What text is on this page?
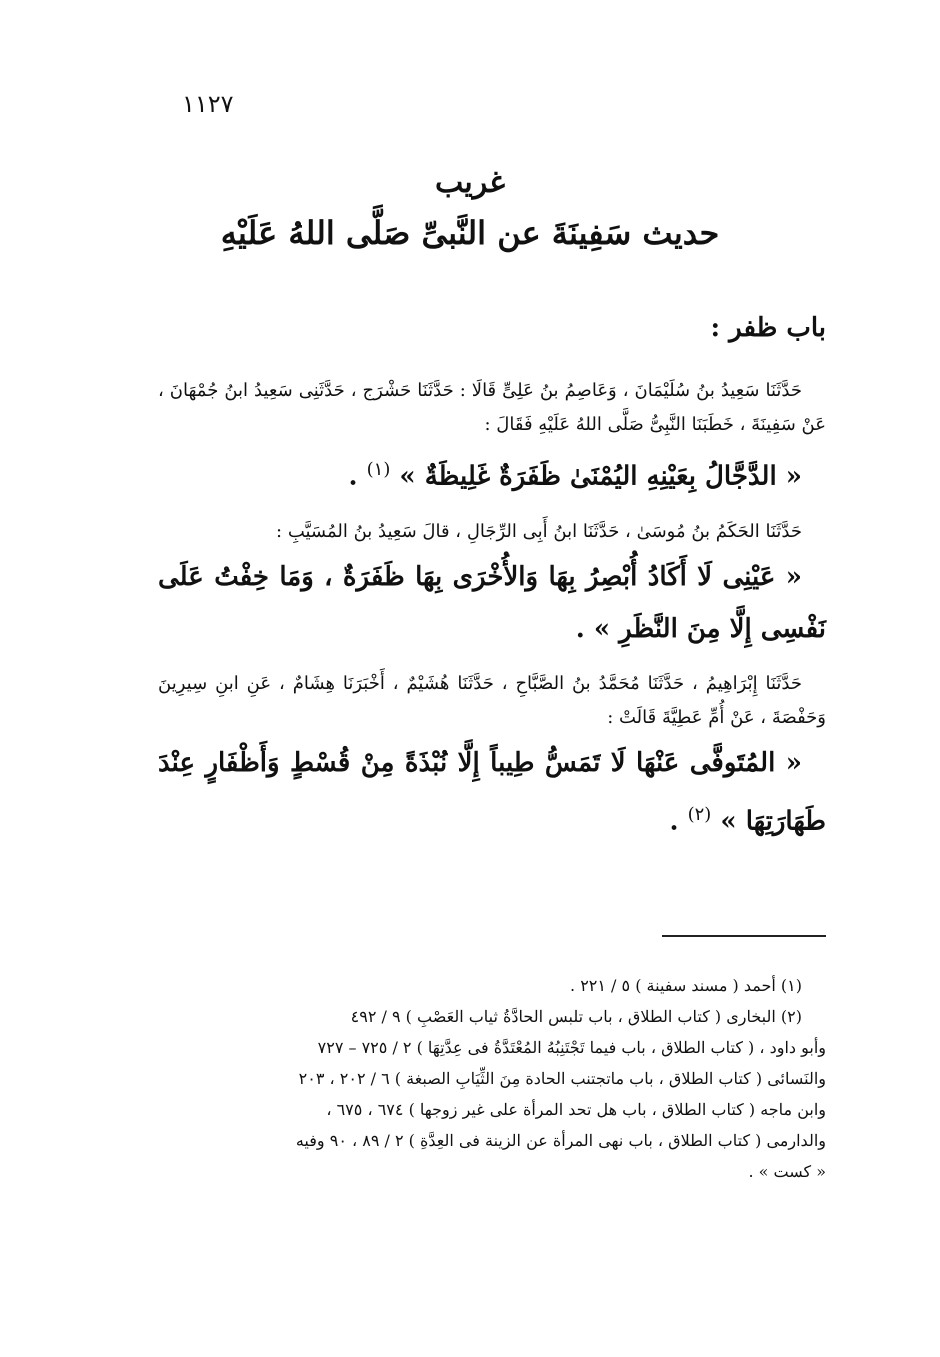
١١٢٧

غريب

حديث سَفِينَةَ عن النَّبىِّ صَلَّى اللهُ عَلَيْهِ

باب ظفر :

حَدَّثَنَا سَعِيدُ بنُ سُلَيْمَانَ ، وَعَاصِمُ بنُ عَلِىٍّ قَالَا : حَدَّثَنَا حَشْرَج ، حَدَّثَنِى سَعِيدُ ابنُ جُمْهَانَ ، عَنْ سَفِينَةَ ، خَطَبَنَا النَّبِىُّ صَلَّى اللهُ عَلَيْهِ فَقَالَ :

« الدَّجَّالُ بِعَيْنِهِ اليُمْنَىٰ ظَفَرَةٌ غَلِيظَةٌ » $^{(١)}$ .

حَدَّثَنَا الحَكَمُ بنُ مُوسَىٰ ، حَدَّثَنَا ابنُ أَبِى الرِّجَالِ ، قالَ سَعِيدُ بنُ المُسَيَّبِ :

« عَيْنِى لَا أَكَادُ أُبْصِرُ بِهَا وَالأُخْرَى بِهَا ظَفَرَةٌ ، وَمَا خِفْتُ عَلَى نَفْسِى إِلَّا مِنَ النَّظَرِ » .

حَدَّثَنَا إِبْرَاهِيمُ ، حَدَّثَنَا مُحَمَّدُ بنُ الصَّبَّاحِ ، حَدَّثَنَا هُشَيْمٌ ، أَخْبَرَنَا هِشَامٌ ، عَنِ ابنِ سِيرِينَ وَحَفْصَةَ ، عَنْ أُمِّ عَطِيَّةَ قَالَتْ :

« المُتَوفَّى عَنْهَا لَا تَمَسُّ طِيباً إِلَّا نُبْذَةً مِنْ قُسْطٍ وَأَظْفَارٍ عِنْدَ طَهَارَتِهَا » $^{(٢)}$ .

(١) أحمد ( مسند سفينة ) ٥ / ٢٢١ .

(٢) البخارى ( كتاب الطلاق ، باب تلبس الحادَّةُ ثياب العَصْبِ ) ٩ / ٤٩٢

وأبو داود ، ( كتاب الطلاق ، باب فيما تَجْتَنِبُهُ المُعْتَدَّةُ فى عِدَّتِهَا ) ٢ / ٧٢٥ – ٧٢٧

والنَسائى ( كتاب الطلاق ، باب ماتجتنب الحادة مِنَ الثِّيَابِ الصبغة ) ٦ / ٢٠٢ ، ٢٠٣

وابن ماجه ( كتاب الطلاق ، باب هل تحد المرأة على غير زوجها ) ٦٧٤ ، ٦٧٥ ،

والدارمى ( كتاب الطلاق ، باب نهى المرأة عن الزينة فى العِدَّةِ ) ٢ / ٨٩ ، ٩٠ وفيه

« كست » .
